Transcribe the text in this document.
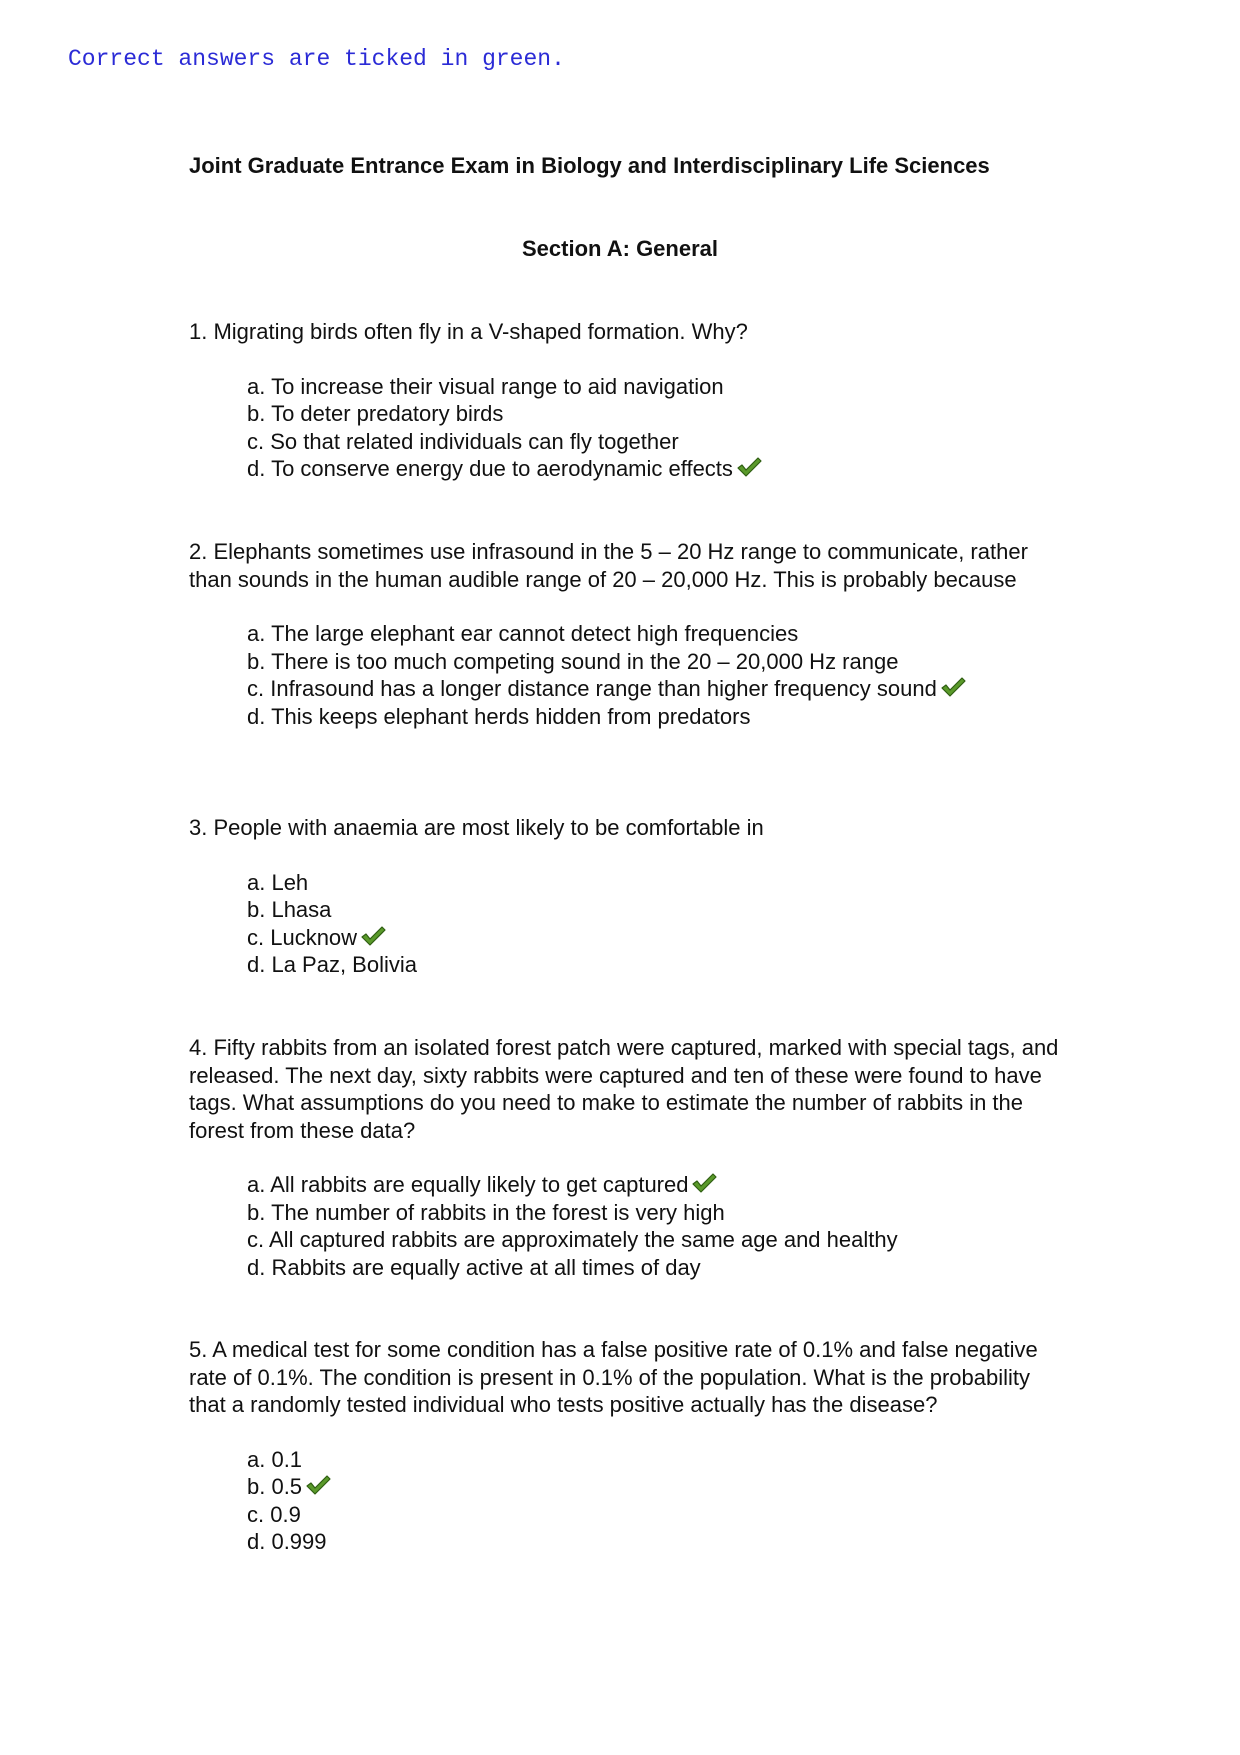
Correct answers are ticked in green.
Joint Graduate Entrance Exam in Biology and Interdisciplinary Life Sciences
Section A: General

1. Migrating birds often fly in a V-shaped formation. Why?

a. To increase their visual range to aid navigation
b. To deter predatory birds
c. So that related individuals can fly together
d. To conserve energy due to aerodynamic effects

2. Elephants sometimes use infrasound in the 5 – 20 Hz range to communicate, rather than sounds in the human audible range of 20 – 20,000 Hz. This is probably because

a. The large elephant ear cannot detect high frequencies
b. There is too much competing sound in the 20 – 20,000 Hz range
c. Infrasound has a longer distance range than higher frequency sound
d. This keeps elephant herds hidden from predators

3. People with anaemia are most likely to be comfortable in

a. Leh
b. Lhasa
c. Lucknow
d. La Paz, Bolivia

4. Fifty rabbits from an isolated forest patch were captured, marked with special tags, and released. The next day, sixty rabbits were captured and ten of these were found to have tags. What assumptions do you need to make to estimate the number of rabbits in the forest from these data?

a. All rabbits are equally likely to get captured
b. The number of rabbits in the forest is very high
c. All captured rabbits are approximately the same age and healthy
d. Rabbits are equally active at all times of day

5. A medical test for some condition has a false positive rate of 0.1% and false negative rate of 0.1%. The condition is present in 0.1% of the population. What is the probability that a randomly tested individual who tests positive actually has the disease?

a. 0.1
b. 0.5
c. 0.9
d. 0.999
